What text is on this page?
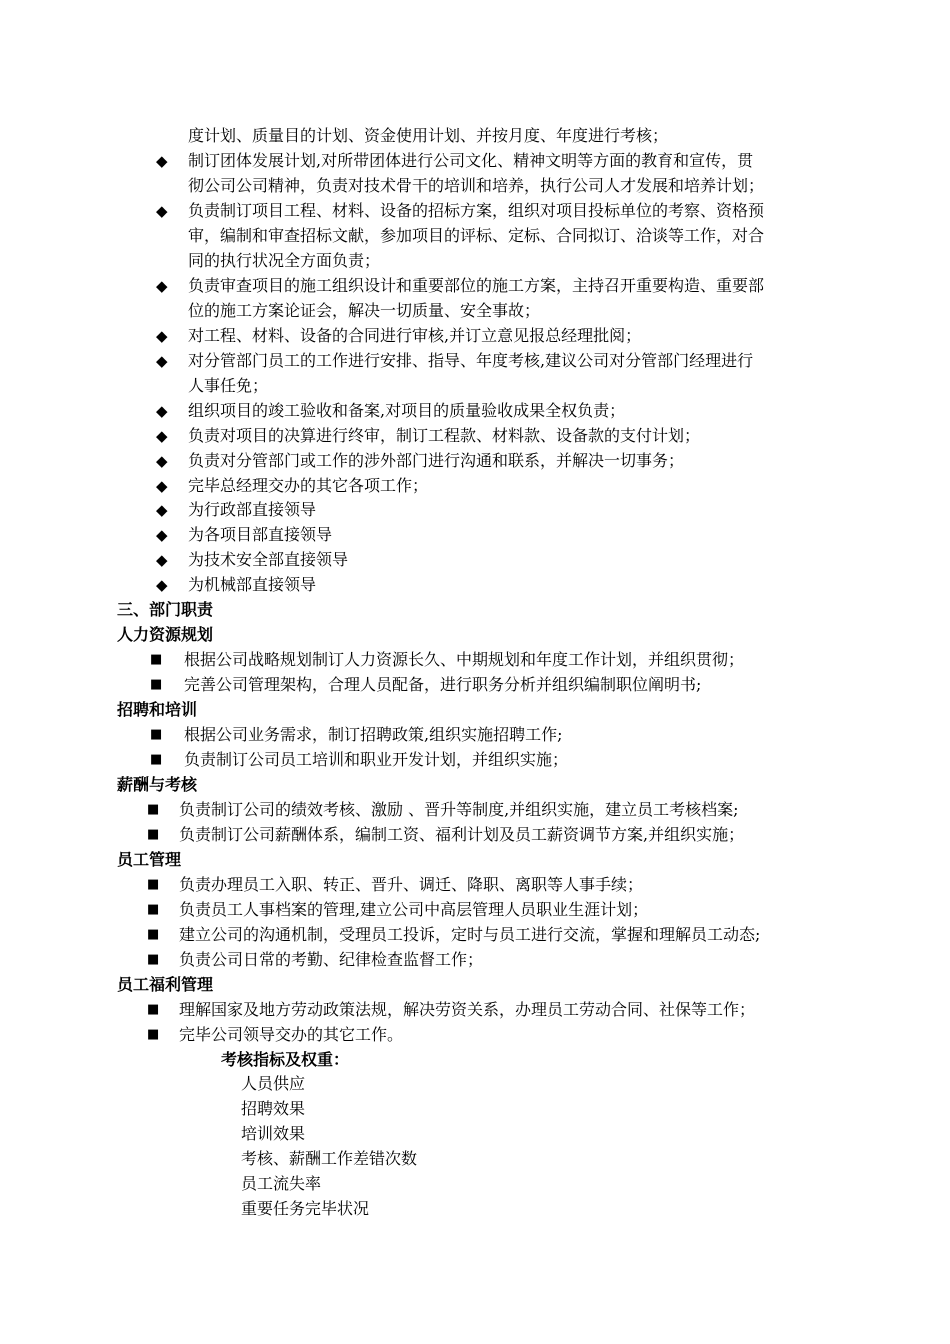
度计划、质量目的计划、资金使用计划、并按月度、年度进行考核；
◆ 制订团体发展计划,对所带团体进行公司文化、精神文明等方面的教育和宣传，贯
彻公司公司精神，负责对技术骨干的培训和培养，执行公司人才发展和培养计划；
◆ 负责制订项目工程、材料、设备的招标方案，组织对项目投标单位的考察、资格预
审，编制和审查招标文献，参加项目的评标、定标、合同拟订、洽谈等工作，对合
同的执行状况全方面负责；
◆ 负责审查项目的施工组织设计和重要部位的施工方案，主持召开重要构造、重要部
位的施工方案论证会，解决一切质量、安全事故；
◆ 对工程、材料、设备的合同进行审核,并订立意见报总经理批阅；
◆ 对分管部门员工的工作进行安排、指导、年度考核,建议公司对分管部门经理进行
人事任免；
◆ 组织项目的竣工验收和备案,对项目的质量验收成果全权负责；
◆ 负责对项目的决算进行终审，制订工程款、材料款、设备款的支付计划；
◆ 负责对分管部门或工作的涉外部门进行沟通和联系，并解决一切事务；
◆ 完毕总经理交办的其它各项工作；
◆ 为行政部直接领导
◆ 为各项目部直接领导
◆ 为技术安全部直接领导
◆ 为机械部直接领导
三、部门职责
人力资源规划
■ 根据公司战略规划制订人力资源长久、中期规划和年度工作计划，并组织贯彻；
■ 完善公司管理架构，合理人员配备，进行职务分析并组织编制职位阐明书;
招聘和培训
■ 根据公司业务需求，制订招聘政策,组织实施招聘工作;
■ 负责制订公司员工培训和职业开发计划，并组织实施；
薪酬与考核
■ 负责制订公司的绩效考核、激励 、晋升等制度,并组织实施，建立员工考核档案;
■ 负责制订公司薪酬体系，编制工资、福利计划及员工薪资调节方案,并组织实施；
员工管理
■ 负责办理员工入职、转正、晋升、调迁、降职、离职等人事手续；
■ 负责员工人事档案的管理,建立公司中高层管理人员职业生涯计划；
■ 建立公司的沟通机制，受理员工投诉，定时与员工进行交流，掌握和理解员工动态;
■ 负责公司日常的考勤、纪律检查监督工作；
员工福利管理
■ 理解国家及地方劳动政策法规，解决劳资关系，办理员工劳动合同、社保等工作；
■ 完毕公司领导交办的其它工作。
考核指标及权重：
人员供应
招聘效果
培训效果
考核、薪酬工作差错次数
员工流失率
重要任务完毕状况
